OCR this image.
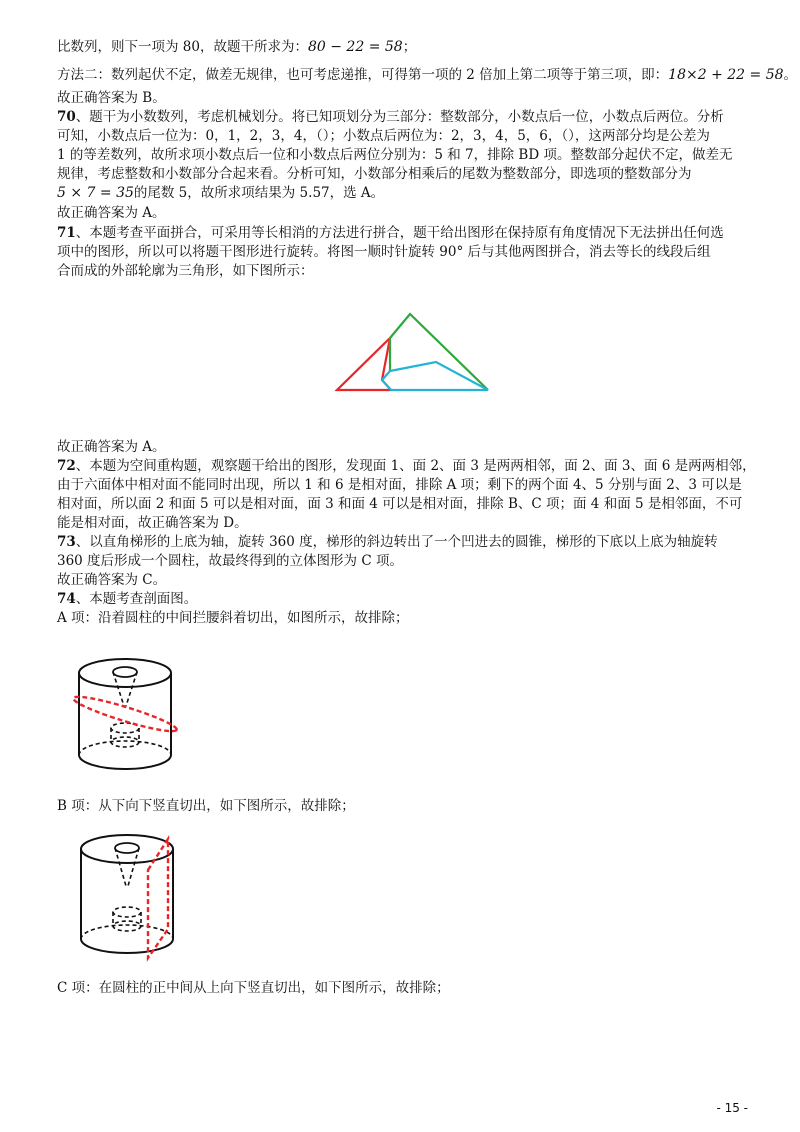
比数列，则下一项为 80，故题干所求为：80 − 22 = 58；
方法二：数列起伏不定，做差无规律，也可考虑递推，可得第一项的 2 倍加上第二项等于第三项，即：18×2 + 22 = 58。
故正确答案为 B。
70、题干为小数数列，考虑机械划分。将已知项划分为三部分：整数部分，小数点后一位，小数点后两位。分析
可知，小数点后一位为：0，1，2，3，4，（）；小数点后两位为：2，3，4，5，6，（），这两部分均是公差为
1 的等差数列，故所求项小数点后一位和小数点后两位分别为：5 和 7，排除 BD 项。整数部分起伏不定，做差无
规律，考虑整数和小数部分合起来看。分析可知，小数部分相乘后的尾数为整数部分，即选项的整数部分为
5 × 7 = 35的尾数 5，故所求项结果为 5.57，选 A。
故正确答案为 A。
71、本题考查平面拼合，可采用等长相消的方法进行拼合，题干给出图形在保持原有角度情况下无法拼出任何选
项中的图形，所以可以将题干图形进行旋转。将图一顺时针旋转 90° 后与其他两图拼合，消去等长的线段后组
合而成的外部轮廓为三角形，如下图所示：
故正确答案为 A。
72、本题为空间重构题，观察题干给出的图形，发现面 1、面 2、面 3 是两两相邻，面 2、面 3、面 6 是两两相邻，
由于六面体中相对面不能同时出现，所以 1 和 6 是相对面，排除 A 项；剩下的两个面 4、5 分别与面 2、3 可以是
相对面，所以面 2 和面 5 可以是相对面，面 3 和面 4 可以是相对面，排除 B、C 项；面 4 和面 5 是相邻面，不可
能是相对面，故正确答案为 D。
73、以直角梯形的上底为轴，旋转 360 度，梯形的斜边转出了一个凹进去的圆锥，梯形的下底以上底为轴旋转
360 度后形成一个圆柱，故最终得到的立体图形为 C 项。
故正确答案为 C。
74、本题考查剖面图。
A 项：沿着圆柱的中间拦腰斜着切出，如图所示，故排除；
B 项：从下向下竖直切出，如下图所示，故排除；
C 项：在圆柱的正中间从上向下竖直切出，如下图所示，故排除；
- 15 -
